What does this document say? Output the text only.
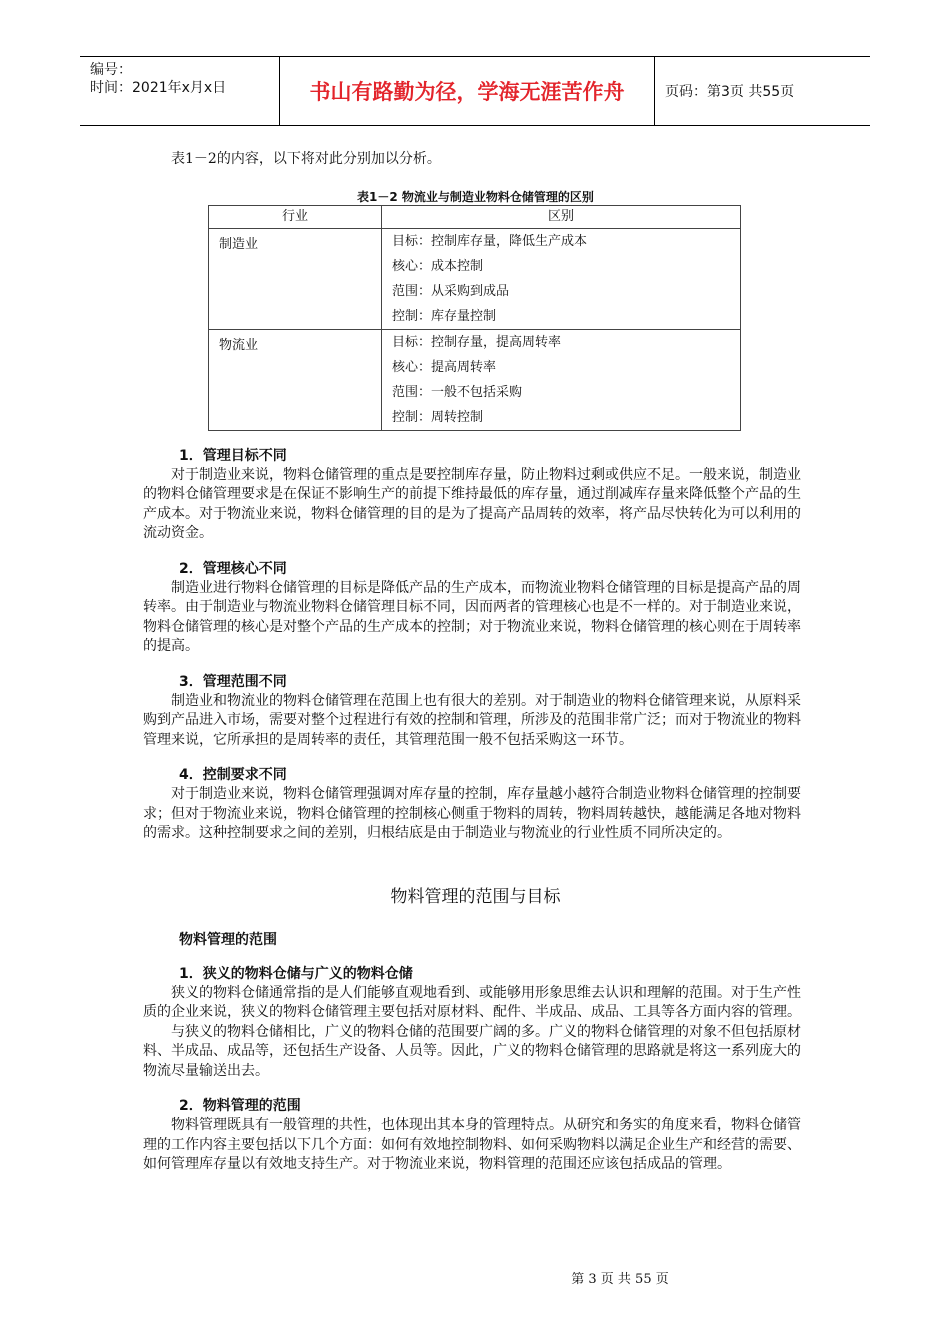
编号：
时间：2021年x月x日	书山有路勤为径，学海无涯苦作舟	页码：第3页 共55页

表1－2的内容，以下将对此分别加以分析。

表1－2 物流业与制造业物料仓储管理的区别
行业	区别
制造业	目标：控制库存量，降低生产成本
核心：成本控制
范围：从采购到成品
控制：库存量控制

物流业	目标：控制存量，提高周转率
核心：提高周转率
范围：一般不包括采购
控制：周转控制
1．管理目标不同

对于制造业来说，物料仓储管理的重点是要控制库存量，防止物料过剩或供应不足。一般来说，制造业的物料仓储管理要求是在保证不影响生产的前提下维持最低的库存量，通过削减库存量来降低整个产品的生产成本。对于物流业来说，物料仓储管理的目的是为了提高产品周转的效率，将产品尽快转化为可以利用的流动资金。

2．管理核心不同

制造业进行物料仓储管理的目标是降低产品的生产成本，而物流业物料仓储管理的目标是提高产品的周转率。由于制造业与物流业物料仓储管理目标不同，因而两者的管理核心也是不一样的。对于制造业来说，物料仓储管理的核心是对整个产品的生产成本的控制；对于物流业来说，物料仓储管理的核心则在于周转率的提高。

3．管理范围不同

制造业和物流业的物料仓储管理在范围上也有很大的差别。对于制造业的物料仓储管理来说，从原料采购到产品进入市场，需要对整个过程进行有效的控制和管理，所涉及的范围非常广泛；而对于物流业的物料管理来说，它所承担的是周转率的责任，其管理范围一般不包括采购这一环节。

4．控制要求不同

对于制造业来说，物料仓储管理强调对库存量的控制，库存量越小越符合制造业物料仓储管理的控制要求；但对于物流业来说，物料仓储管理的控制核心侧重于物料的周转，物料周转越快，越能满足各地对物料的需求。这种控制要求之间的差别，归根结底是由于制造业与物流业的行业性质不同所决定的。

物料管理的范围与目标
物料管理的范围
1．狭义的物料仓储与广义的物料仓储

狭义的物料仓储通常指的是人们能够直观地看到、或能够用形象思维去认识和理解的范围。对于生产性质的企业来说，狭义的物料仓储管理主要包括对原材料、配件、半成品、成品、工具等各方面内容的管理。

与狭义的物料仓储相比，广义的物料仓储的范围要广阔的多。广义的物料仓储管理的对象不但包括原材料、半成品、成品等，还包括生产设备、人员等。因此，广义的物料仓储管理的思路就是将这一系列庞大的物流尽量输送出去。

2．物料管理的范围

物料管理既具有一般管理的共性，也体现出其本身的管理特点。从研究和务实的角度来看，物料仓储管理的工作内容主要包括以下几个方面：如何有效地控制物料、如何采购物料以满足企业生产和经营的需要、如何管理库存量以有效地支持生产。对于物流业来说，物料管理的范围还应该包括成品的管理。

第 3 页 共 55 页
